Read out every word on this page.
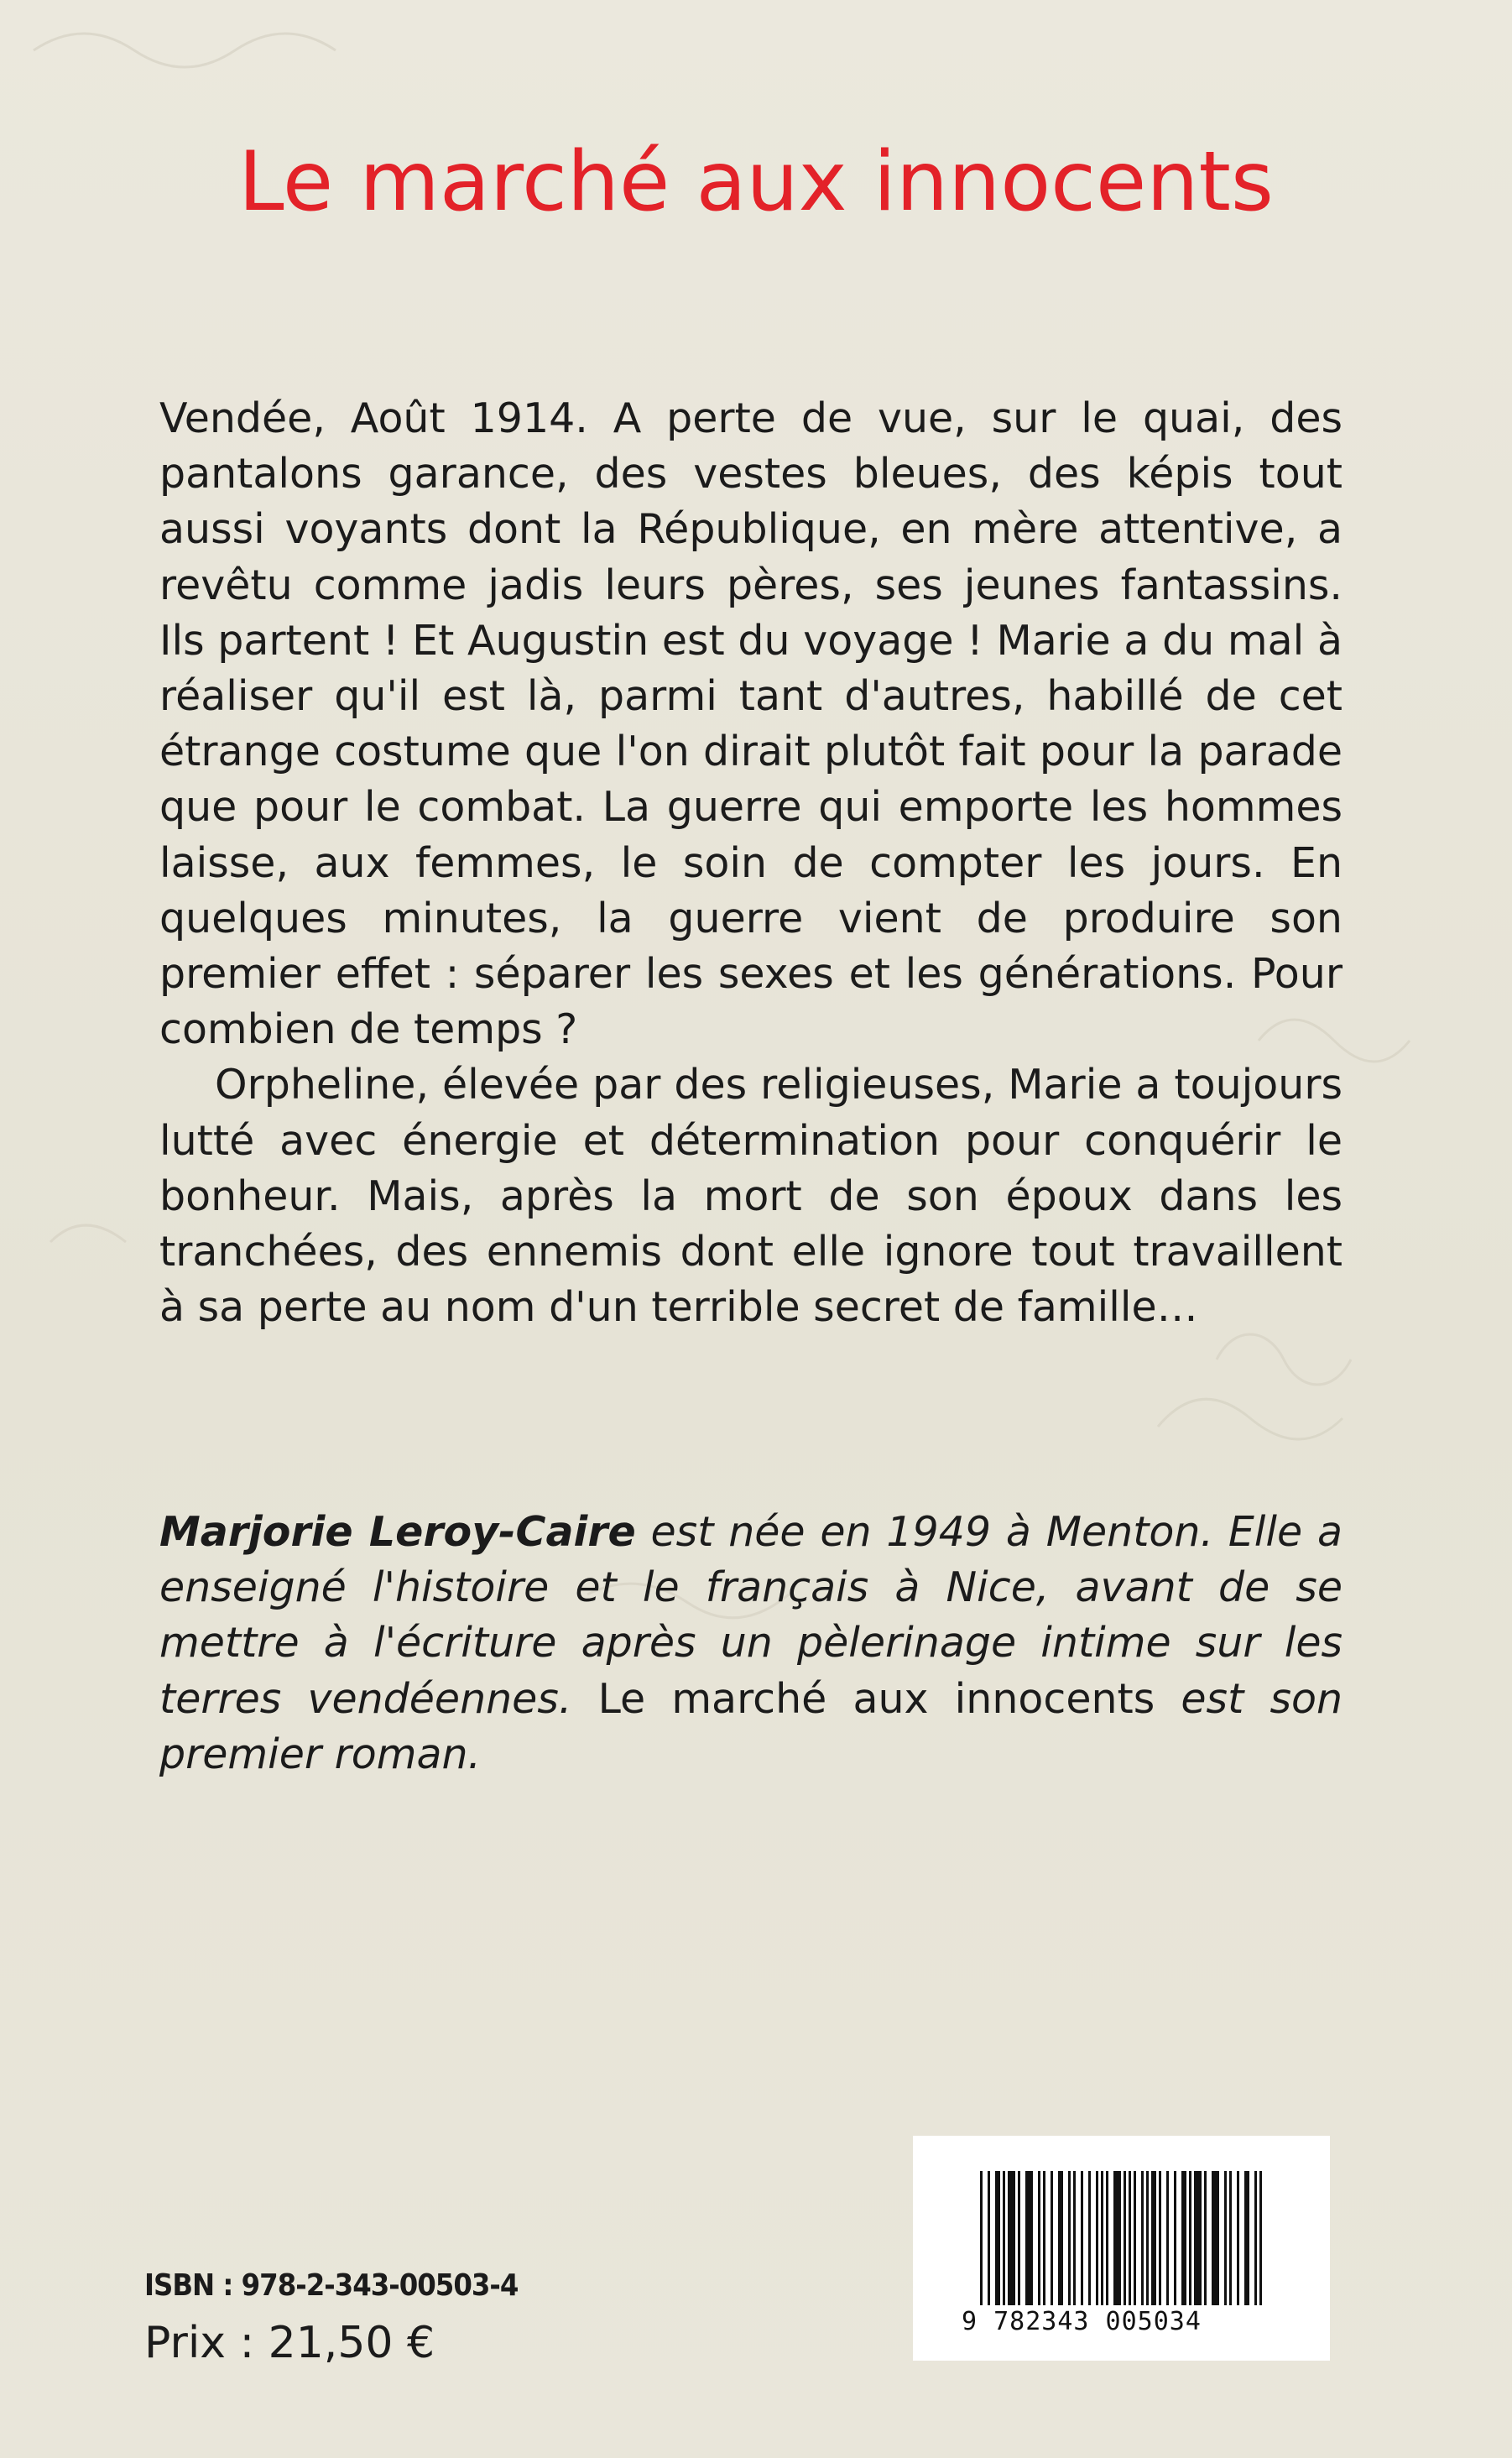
Le marché aux innocents

Vendée, Août 1914. A perte de vue, sur le quai, des pantalons garance, des vestes bleues, des képis tout aussi voyants dont la République, en mère attentive, a revêtu comme jadis leurs pères, ses jeunes fantassins. Ils partent ! Et Augustin est du voyage ! Marie a du mal à réaliser qu'il est là, parmi tant d'autres, habillé de cet étrange costume que l'on dirait plutôt fait pour la parade que pour le combat. La guerre qui emporte les hommes laisse, aux femmes, le soin de compter les jours. En quelques minutes, la guerre vient de produire son premier effet : séparer les sexes et les générations. Pour combien de temps ?

Orpheline, élevée par des religieuses, Marie a toujours lutté avec énergie et détermination pour conquérir le bonheur. Mais, après la mort de son époux dans les tranchées, des ennemis dont elle ignore tout travaillent à sa perte au nom d'un terrible secret de famille…

Marjorie Leroy-Caire est née en 1949 à Menton. Elle a enseigné l'histoire et le français à Nice, avant de se mettre à l'écriture après un pèlerinage intime sur les terres vendéennes. Le marché aux innocents est son premier roman.

ISBN : 978-2-343-00503-4
Prix : 21,50 €	9 782343 005034
